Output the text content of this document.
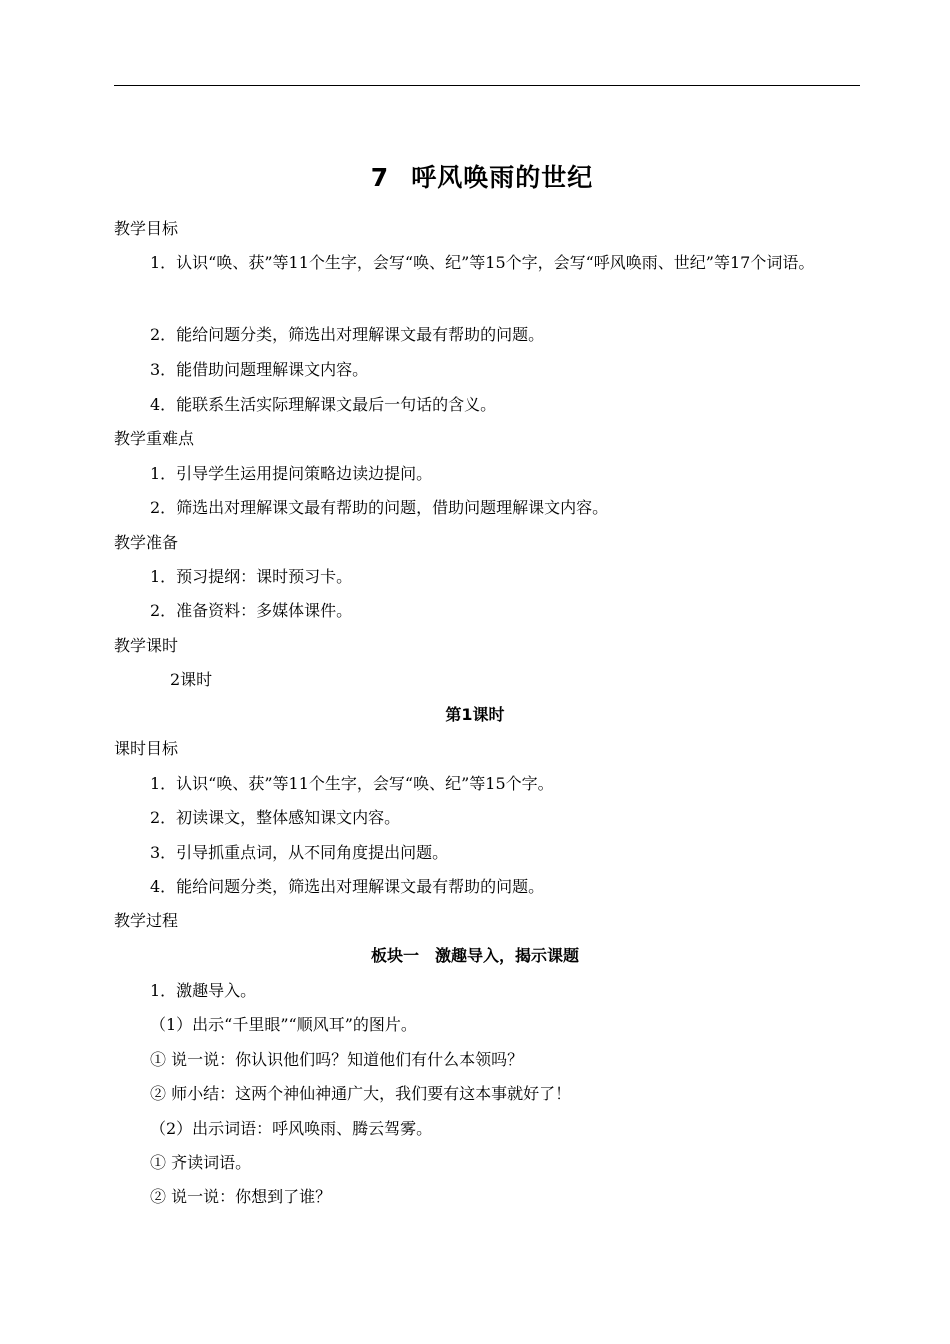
7 呼风唤雨的世纪
教学目标
1．认识“唤、获”等11个生字，会写“唤、纪”等15个字，会写“呼风唤雨、世纪”等17个词语。
2．能给问题分类，筛选出对理解课文最有帮助的问题。
3．能借助问题理解课文内容。
4．能联系生活实际理解课文最后一句话的含义。
教学重难点
1．引导学生运用提问策略边读边提问。
2．筛选出对理解课文最有帮助的问题，借助问题理解课文内容。
教学准备
1．预习提纲：课时预习卡。
2．准备资料：多媒体课件。
教学课时
2课时
第1课时
课时目标
1．认识“唤、获”等11个生字，会写“唤、纪”等15个字。
2．初读课文，整体感知课文内容。
3．引导抓重点词，从不同角度提出问题。
4．能给问题分类，筛选出对理解课文最有帮助的问题。
教学过程
板块一　激趣导入，揭示课题
1．激趣导入。
（1）出示“千里眼”“顺风耳”的图片。
① 说一说：你认识他们吗？知道他们有什么本领吗？
② 师小结：这两个神仙神通广大，我们要有这本事就好了！
（2）出示词语：呼风唤雨、腾云驾雾。
① 齐读词语。
② 说一说：你想到了谁？
